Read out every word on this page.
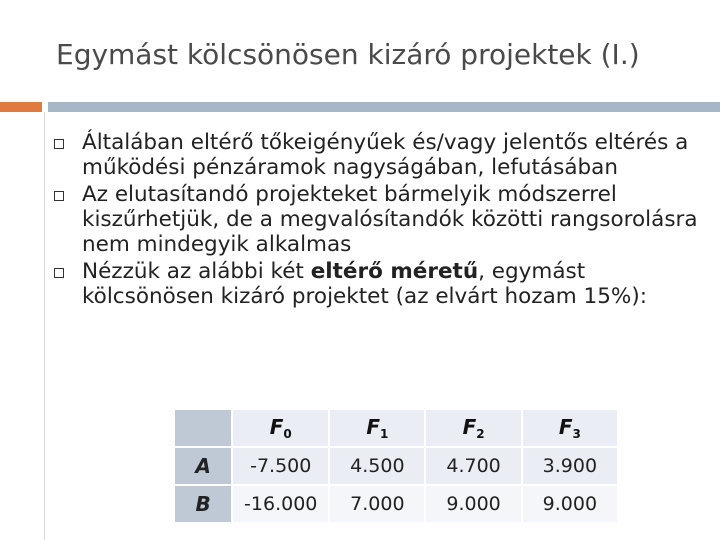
Egymást kölcsönösen kizáró projektek (I.)
Általában eltérő tőkeigényűek és/vagy jelentős eltérés a működési pénzáramok nagyságában, lefutásában
Az elutasítandó projekteket bármelyik módszerrel kiszűrhetjük, de a megvalósítandók közötti rangsorolásra nem mindegyik alkalmas
Nézzük az alábbi két eltérő méretű, egymást kölcsönösen kizáró projektet (az elvárt hozam 15%):
	$F_0$	$F_1$	$F_2$	$F_3$
A	-7.500	4.500	4.700	3.900
B	-16.000	7.000	9.000	9.000
